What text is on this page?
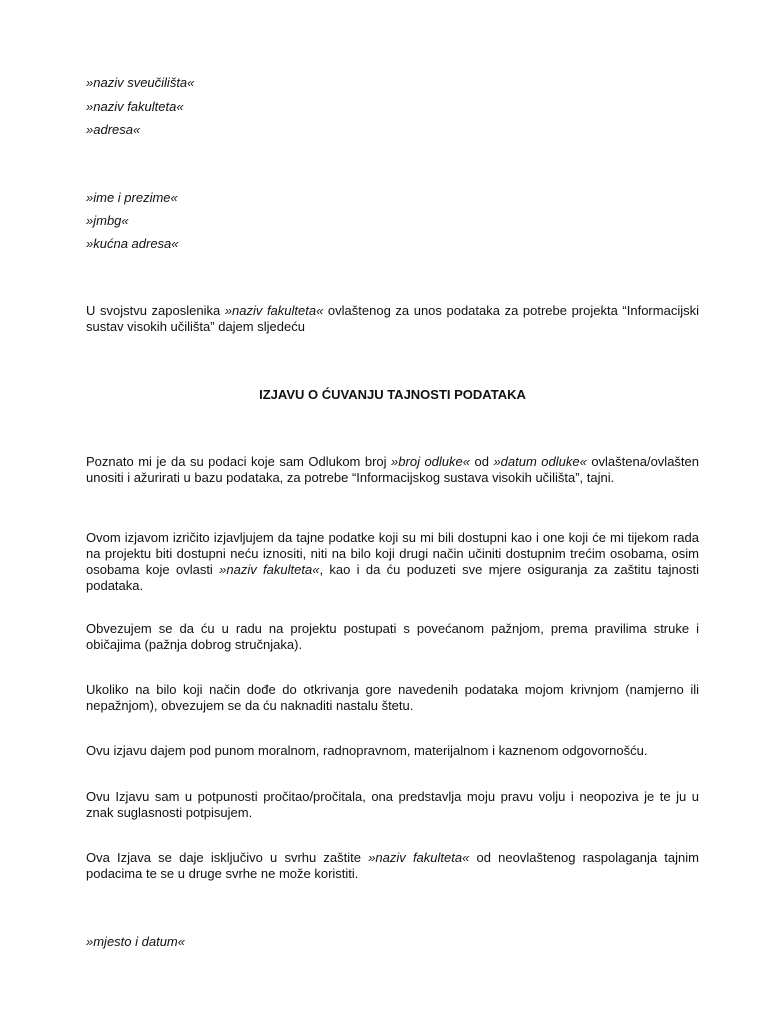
»naziv sveučilišta«
»naziv fakulteta«
»adresa«
»ime i prezime«
»jmbg«
»kućna adresa«
U svojstvu zaposlenika »naziv fakulteta« ovlaštenog za unos podataka za potrebe projekta “Informacijski sustav visokih učilišta” dajem sljedeću
IZJAVU O ĆUVANJU TAJNOSTI PODATAKA
Poznato mi je da su podaci koje sam Odlukom broj »broj odluke« od »datum odluke« ovlaštena/ovlašten unositi i ažurirati u bazu podataka, za potrebe “Informacijskog sustava visokih učilišta”, tajni.
Ovom izjavom izričito izjavljujem da tajne podatke koji su mi bili dostupni kao i one koji će mi tijekom rada na projektu biti dostupni neću iznositi, niti na bilo koji drugi način učiniti dostupnim trećim osobama, osim osobama koje ovlasti »naziv fakulteta«, kao i da ću poduzeti sve mjere osiguranja za zaštitu tajnosti podataka.
Obvezujem se da ću u radu na projektu postupati s povećanom pažnjom, prema pravilima struke i običajima (pažnja dobrog stručnjaka).
Ukoliko na bilo koji način dođe do otkrivanja gore navedenih podataka mojom krivnjom (namjerno ili nepažnjom), obvezujem se da ću naknaditi nastalu štetu.
Ovu izjavu dajem pod punom moralnom, radnopravnom, materijalnom i kaznenom odgovornošću.
Ovu Izjavu sam u potpunosti pročitao/pročitala, ona predstavlja moju pravu volju i neopoziva je te ju u znak suglasnosti potpisujem.
Ova Izjava se daje isključivo u svrhu zaštite »naziv fakulteta« od neovlaštenog raspolaganja tajnim podacima te se u druge svrhe ne može koristiti.
»mjesto i datum«
